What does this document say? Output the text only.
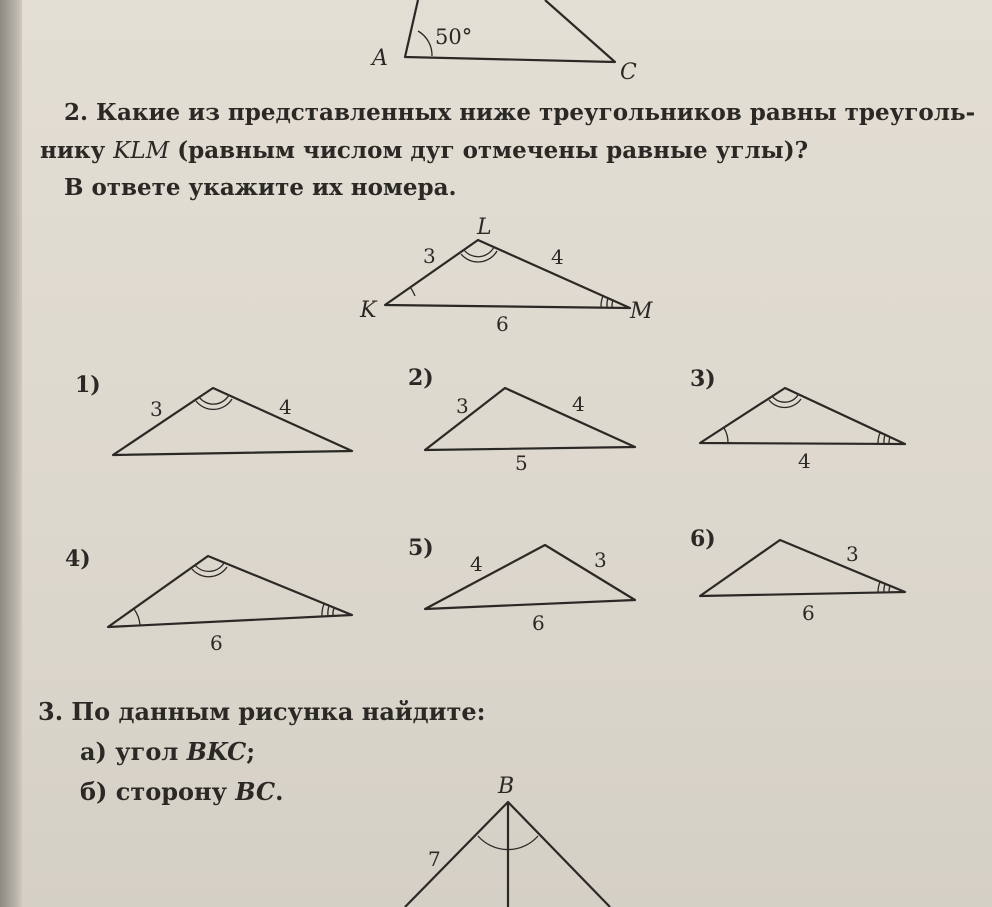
50°
A
C
2. Какие из представленных ниже треугольников равны треуголь-
нику KLM (равным числом дуг отмечены равные углы)?
В ответе укажите их номера.
L
K	M
3	4
6
1)
3	4
2)
3	4
5
3)
4
4)
6
5)
4	3
6
6)
3
6
3. По данным рисунка найдите:
а) угол BKC;
б) сторону BC.	B
7
